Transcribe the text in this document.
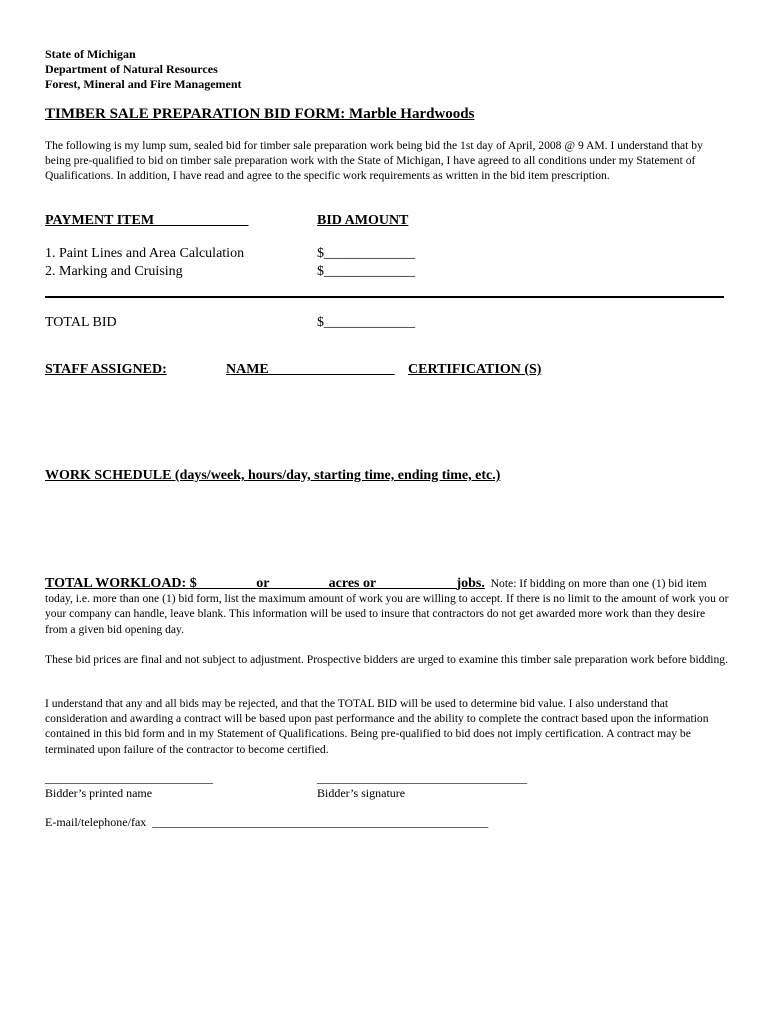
State of Michigan
Department of Natural Resources
Forest, Mineral and Fire Management
TIMBER SALE PREPARATION BID FORM: Marble Hardwoods
The following is my lump sum, sealed bid for timber sale preparation work being bid the 1st day of April, 2008 @ 9 AM. I understand that by being pre-qualified to bid on timber sale preparation work with the State of Michigan, I have agreed to all conditions under my Statement of Qualifications. In addition, I have read and agree to the specific work requirements as written in the bid item prescription.
PAYMENT ITEM	BID AMOUNT
1. Paint Lines and Area Calculation	$_____________
2. Marking and Cruising	$_____________
TOTAL BID	$_____________
STAFF ASSIGNED:	NAME	CERTIFICATION (S)
WORK SCHEDULE (days/week, hours/day, starting time, ending time, etc.)
TOTAL WORKLOAD: $________ or ________acres or ___________jobs. Note: If bidding on more than one (1) bid item today, i.e. more than one (1) bid form, list the maximum amount of work you are willing to accept. If there is no limit to the amount of work you or your company can handle, leave blank. This information will be used to insure that contractors do not get awarded more work than they desire from a given bid opening day.
These bid prices are final and not subject to adjustment. Prospective bidders are urged to examine this timber sale preparation work before bidding.
I understand that any and all bids may be rejected, and that the TOTAL BID will be used to determine bid value. I also understand that consideration and awarding a contract will be based upon past performance and the ability to complete the contract based upon the information contained in this bid form and in my Statement of Qualifications. Being pre-qualified to bid does not imply certification. A contract may be terminated upon failure of the contractor to become certified.
____________________________	___________________________________
Bidder’s printed name	Bidder’s signature
E-mail/telephone/fax ________________________________________________________
